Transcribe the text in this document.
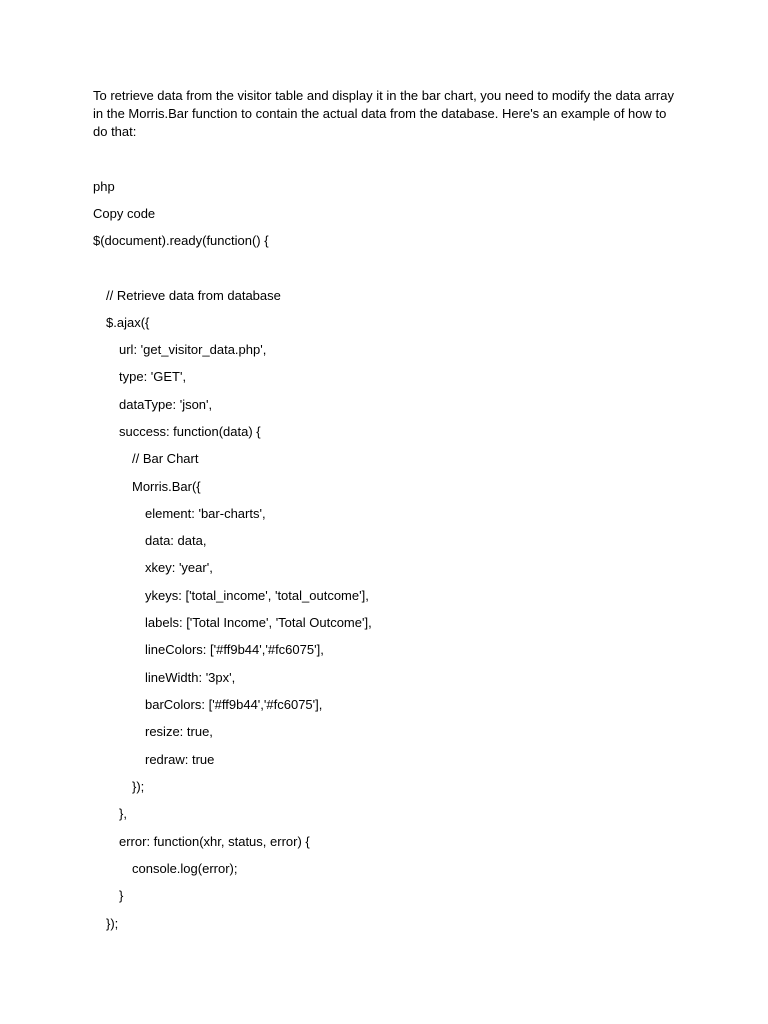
To retrieve data from the visitor table and display it in the bar chart, you need to modify the data array in the Morris.Bar function to contain the actual data from the database. Here's an example of how to do that:

php
Copy code
$(document).ready(function() {
// Retrieve data from database
$.ajax({
url: 'get_visitor_data.php',
type: 'GET',
dataType: 'json',
success: function(data) {
// Bar Chart
Morris.Bar({
element: 'bar-charts',
data: data,
xkey: 'year',
ykeys: ['total_income', 'total_outcome'],
labels: ['Total Income', 'Total Outcome'],
lineColors: ['#ff9b44','#fc6075'],
lineWidth: '3px',
barColors: ['#ff9b44','#fc6075'],
resize: true,
redraw: true
});
},
error: function(xhr, status, error) {
console.log(error);
}
});
